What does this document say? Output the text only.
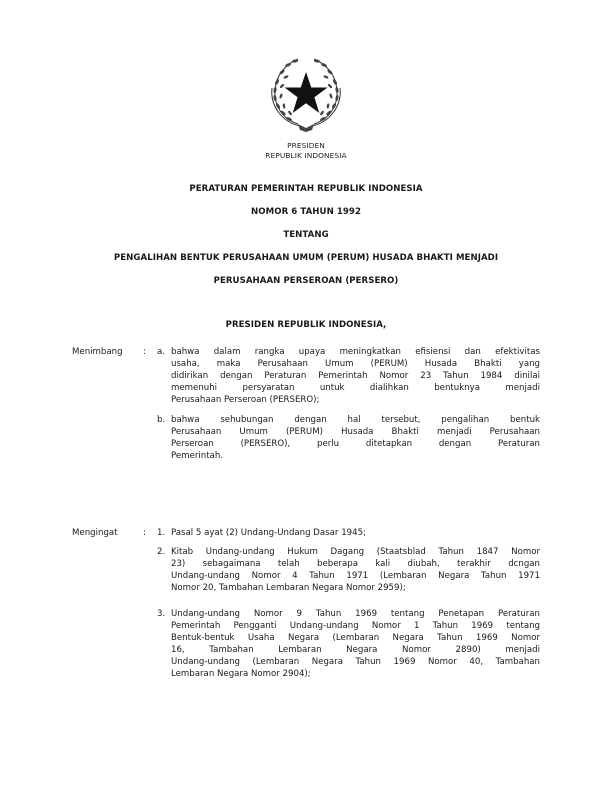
PRESIDEN
REPUBLIK INDONESIA
PERATURAN PEMERINTAH REPUBLIK INDONESIA
NOMOR 6 TAHUN 1992
TENTANG
PENGALIHAN BENTUK PERUSAHAAN UMUM (PERUM) HUSADA BHAKTI MENJADI
PERUSAHAAN PERSEROAN (PERSERO)
PRESIDEN REPUBLIK INDONESIA,
Menimbang : a. bahwa dalam rangka upaya meningkatkan efisiensi dan efektivitas
usaha, maka Perusahaan Umum (PERUM) Husada Bhakti yang
didirikan dengan Peraturan Pemerintah Nomor 23 Tahun 1984 dinilai
memenuhi persyaratan untuk dialihkan bentuknya menjadi
Perusahaan Perseroan (PERSERO);
b. bahwa sehubungan dengan hal tersebut, pengalihan bentuk
Perusahaan Umum (PERUM) Husada Bhakti menjadi Perusahaan
Perseroan (PERSERO), perlu ditetapkan dengan Peraturan
Pemerintah.
Mengingat	: 1. Pasal 5 ayat (2) Undang-Undang Dasar 1945;
2. Kitab Undang-undang Hukum Dagang (Staatsblad Tahun 1847 Nomor
23) sebagaimana telah beberapa kali diubah, terakhir dcngan
Undang-undang Nomor 4 Tahun 1971 (Lembaran Negara Tahun 1971
Nomor 20, Tambahan Lembaran Negara Nomor 2959);
3. Undang-undang Nomor 9 Tahun 1969 tentang Penetapan Peraturan
Pemerintah Pengganti Undang-undang Nomor 1 Tahun 1969 tentang
Bentuk-bentuk Usaha Negara (Lembaran Negara Tahun 1969 Nomor
16, Tambahan Lembaran Negara Nomor 2890) menjadi
Undang-undang (Lembaran Negara Tahun 1969 Nomor 40, Tambahan
Lembaran Negara Nomor 2904);
